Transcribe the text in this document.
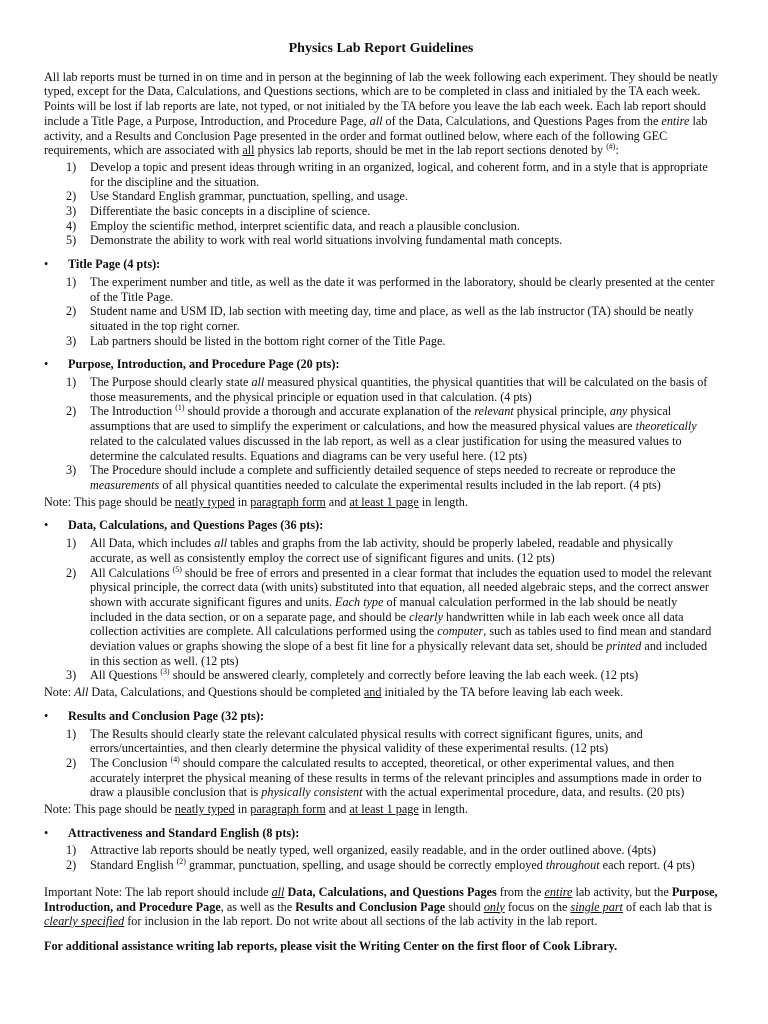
Physics Lab Report Guidelines

All lab reports must be turned in on time and in person at the beginning of lab the week following each experiment. They should be neatly typed, except for the Data, Calculations, and Questions sections, which are to be completed in class and initialed by the TA each week. Points will be lost if lab reports are late, not typed, or not initialed by the TA before you leave the lab each week. Each lab report should include a Title Page, a Purpose, Introduction, and Procedure Page, all of the Data, Calculations, and Questions Pages from the entire lab activity, and a Results and Conclusion Page presented in the order and format outlined below, where each of the following GEC requirements, which are associated with all physics lab reports, should be met in the lab report sections denoted by (#):

1) Develop a topic and present ideas through writing in an organized, logical, and coherent form, and in a style that is appropriate for the discipline and the situation.
2) Use Standard English grammar, punctuation, spelling, and usage.
3) Differentiate the basic concepts in a discipline of science.
4) Employ the scientific method, interpret scientific data, and reach a plausible conclusion.
5) Demonstrate the ability to work with real world situations involving fundamental math concepts.
• Title Page (4 pts):
1) The experiment number and title, as well as the date it was performed in the laboratory, should be clearly presented at the center of the Title Page.
2) Student name and USM ID, lab section with meeting day, time and place, as well as the lab instructor (TA) should be neatly situated in the top right corner.
3) Lab partners should be listed in the bottom right corner of the Title Page.
• Purpose, Introduction, and Procedure Page (20 pts):
1) The Purpose should clearly state all measured physical quantities, the physical quantities that will be calculated on the basis of those measurements, and the physical principle or equation used in that calculation. (4 pts)
2) The Introduction $^{(1)}$ should provide a thorough and accurate explanation of the relevant physical principle, any physical assumptions that are used to simplify the experiment or calculations, and how the measured physical values are theoretically related to the calculated values discussed in the lab report, as well as a clear justification for using the measured values to determine the calculated results. Equations and diagrams can be very useful here. (12 pts)
3) The Procedure should include a complete and sufficiently detailed sequence of steps needed to recreate or reproduce the measurements of all physical quantities needed to calculate the experimental results included in the lab report. (4 pts)

Note: This page should be neatly typed in paragraph form and at least 1 page in length.

• Data, Calculations, and Questions Pages (36 pts):
1) All Data, which includes all tables and graphs from the lab activity, should be properly labeled, readable and physically accurate, as well as consistently employ the correct use of significant figures and units. (12 pts)
2) All Calculations $^{(5)}$ should be free of errors and presented in a clear format that includes the equation used to model the relevant physical principle, the correct data (with units) substituted into that equation, all needed algebraic steps, and the correct answer shown with accurate significant figures and units. Each type of manual calculation performed in the lab should be neatly included in the data section, or on a separate page, and should be clearly handwritten while in lab each week once all data collection activities are complete. All calculations performed using the computer, such as tables used to find mean and standard deviation values or graphs showing the slope of a best fit line for a physically relevant data set, should be printed and included in this section as well. (12 pts)
3) All Questions $^{(3)}$ should be answered clearly, completely and correctly before leaving the lab each week. (12 pts)

Note: All Data, Calculations, and Questions should be completed and initialed by the TA before leaving lab each week.

• Results and Conclusion Page (32 pts):
1) The Results should clearly state the relevant calculated physical results with correct significant figures, units, and errors/uncertainties, and then clearly determine the physical validity of these experimental results. (12 pts)
2) The Conclusion $^{(4)}$ should compare the calculated results to accepted, theoretical, or other experimental values, and then accurately interpret the physical meaning of these results in terms of the relevant principles and assumptions made in order to draw a plausible conclusion that is physically consistent with the actual experimental procedure, data, and results. (20 pts)

Note: This page should be neatly typed in paragraph form and at least 1 page in length.

• Attractiveness and Standard English (8 pts):
1) Attractive lab reports should be neatly typed, well organized, easily readable, and in the order outlined above. (4pts)
2) Standard English $^{(2)}$ grammar, punctuation, spelling, and usage should be correctly employed throughout each report. (4 pts)

Important Note: The lab report should include all Data, Calculations, and Questions Pages from the entire lab activity, but the Purpose, Introduction, and Procedure Page, as well as the Results and Conclusion Page should only focus on the single part of each lab that is clearly specified for inclusion in the lab report. Do not write about all sections of the lab activity in the lab report.

For additional assistance writing lab reports, please visit the Writing Center on the first floor of Cook Library.
